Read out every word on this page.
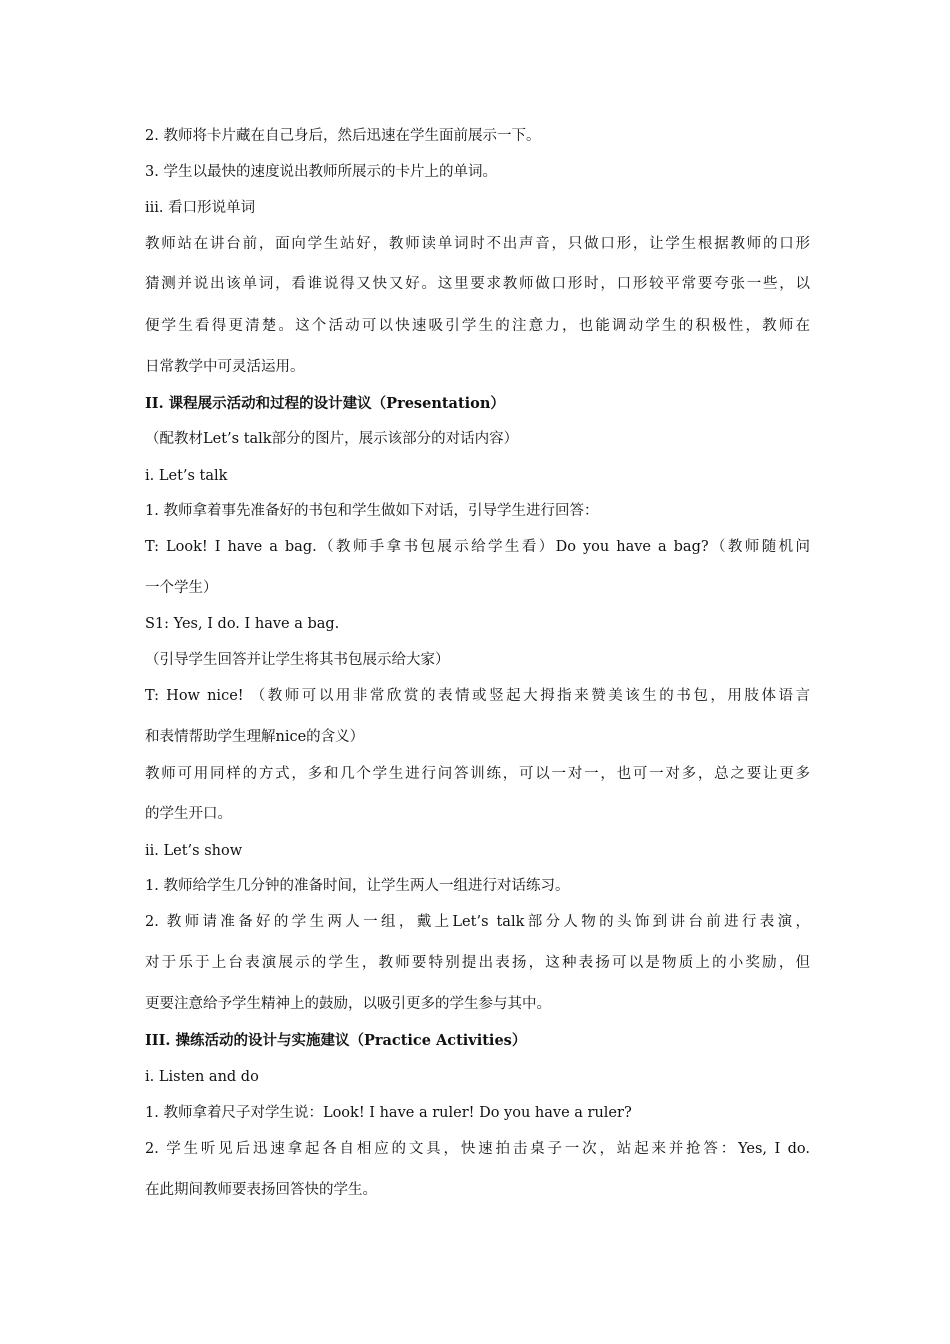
2. 教师将卡片藏在自己身后，然后迅速在学生面前展示一下。
3. 学生以最快的速度说出教师所展示的卡片上的单词。
iii. 看口形说单词
教师站在讲台前，面向学生站好，教师读单词时不出声音，只做口形，让学生根据教师的口形
猜测并说出该单词，看谁说得又快又好。这里要求教师做口形时，口形较平常要夸张一些，以
便学生看得更清楚。这个活动可以快速吸引学生的注意力，也能调动学生的积极性，教师在
日常教学中可灵活运用。
II. 课程展示活动和过程的设计建议（Presentation）
（配教材Let’s talk部分的图片，展示该部分的对话内容）
i. Let’s talk
1. 教师拿着事先准备好的书包和学生做如下对话，引导学生进行回答：
T: Look! I have a bag.（教师手拿书包展示给学生看）Do you have a bag?（教师随机问
一个学生）
S1: Yes, I do. I have a bag.
（引导学生回答并让学生将其书包展示给大家）
T: How nice! （教师可以用非常欣赏的表情或竖起大拇指来赞美该生的书包，用肢体语言
和表情帮助学生理解nice的含义）
教师可用同样的方式，多和几个学生进行问答训练，可以一对一，也可一对多，总之要让更多
的学生开口。
ii. Let’s show
1. 教师给学生几分钟的准备时间，让学生两人一组进行对话练习。
2. 教师请准备好的学生两人一组，戴上Let’s talk部分人物的头饰到讲台前进行表演，
对于乐于上台表演展示的学生，教师要特别提出表扬，这种表扬可以是物质上的小奖励，但
更要注意给予学生精神上的鼓励，以吸引更多的学生参与其中。
III. 操练活动的设计与实施建议（Practice Activities）
i. Listen and do
1. 教师拿着尺子对学生说：Look! I have a ruler! Do you have a ruler?
2. 学生听见后迅速拿起各自相应的文具，快速拍击桌子一次，站起来并抢答：Yes, I do.
在此期间教师要表扬回答快的学生。
